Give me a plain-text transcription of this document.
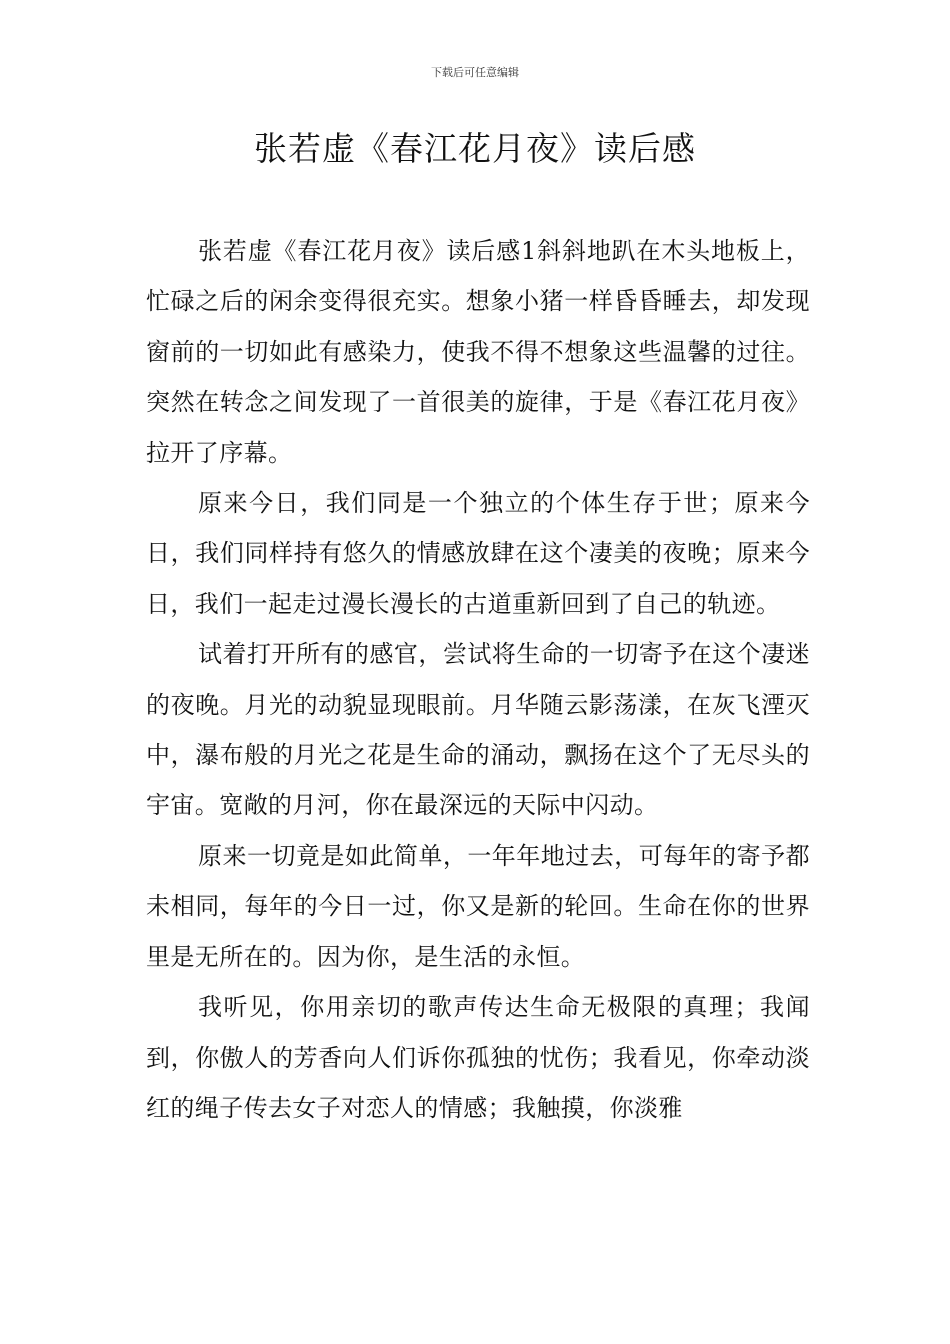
下载后可任意编辑
张若虚《春江花月夜》读后感

张若虚《春江花月夜》读后感1斜斜地趴在木头地板上，忙碌之后的闲余变得很充实。想象小猪一样昏昏睡去，却发现窗前的一切如此有感染力，使我不得不想象这些温馨的过往。突然在转念之间发现了一首很美的旋律，于是《春江花月夜》拉开了序幕。

原来今日，我们同是一个独立的个体生存于世；原来今日，我们同样持有悠久的情感放肆在这个凄美的夜晚；原来今日，我们一起走过漫长漫长的古道重新回到了自己的轨迹。

试着打开所有的感官，尝试将生命的一切寄予在这个凄迷的夜晚。月光的动貌显现眼前。月华随云影荡漾，在灰飞湮灭中，瀑布般的月光之花是生命的涌动，飘扬在这个了无尽头的宇宙。宽敞的月河，你在最深远的天际中闪动。

原来一切竟是如此简单，一年年地过去，可每年的寄予都未相同，每年的今日一过，你又是新的轮回。生命在你的世界里是无所在的。因为你，是生活的永恒。

我听见，你用亲切的歌声传达生命无极限的真理；我闻到，你傲人的芳香向人们诉你孤独的忧伤；我看见，你牵动淡红的绳子传去女子对恋人的情感；我触摸，你淡雅
